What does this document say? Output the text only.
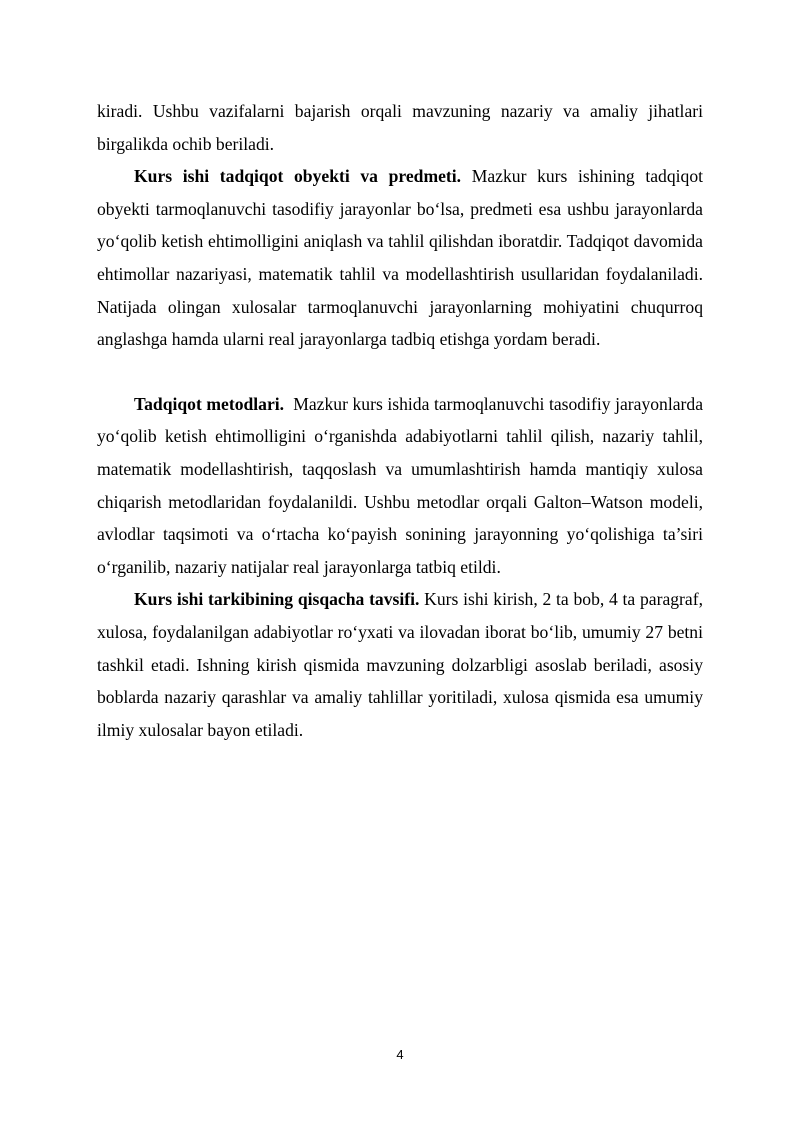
kiradi. Ushbu vazifalarni bajarish orqali mavzuning nazariy va amaliy jihatlari birgalikda ochib beriladi.

Kurs ishi tadqiqot obyekti va predmeti. Mazkur kurs ishining tadqiqot obyekti tarmoqlanuvchi tasodifiy jarayonlar bo‘lsa, predmeti esa ushbu jarayonlarda yo‘qolib ketish ehtimolligini aniqlash va tahlil qilishdan iboratdir. Tadqiqot davomida ehtimollar nazariyasi, matematik tahlil va modellashtirish usullaridan foydalaniladi. Natijada olingan xulosalar tarmoqlanuvchi jarayonlarning mohiyatini chuqurroq anglashga hamda ularni real jarayonlarga tadbiq etishga yordam beradi.

Tadqiqot metodlari.  Mazkur kurs ishida tarmoqlanuvchi tasodifiy jarayonlarda yo‘qolib ketish ehtimolligini o‘rganishda adabiyotlarni tahlil qilish, nazariy tahlil, matematik modellashtirish, taqqoslash va umumlashtirish hamda mantiqiy xulosa chiqarish metodlaridan foydalanildi. Ushbu metodlar orqali Galton–Watson modeli, avlodlar taqsimoti va o‘rtacha ko‘payish sonining jarayonning yo‘qolishiga ta’siri o‘rganilib, nazariy natijalar real jarayonlarga tatbiq etildi.

Kurs ishi tarkibining qisqacha tavsifi. Kurs ishi kirish, 2 ta bob, 4 ta paragraf, xulosa, foydalanilgan adabiyotlar ro‘yxati va ilovadan iborat bo‘lib, umumiy 27 betni tashkil etadi. Ishning kirish qismida mavzuning dolzarbligi asoslab beriladi, asosiy boblarda nazariy qarashlar va amaliy tahlillar yoritiladi, xulosa qismida esa umumiy ilmiy xulosalar bayon etiladi.

4
